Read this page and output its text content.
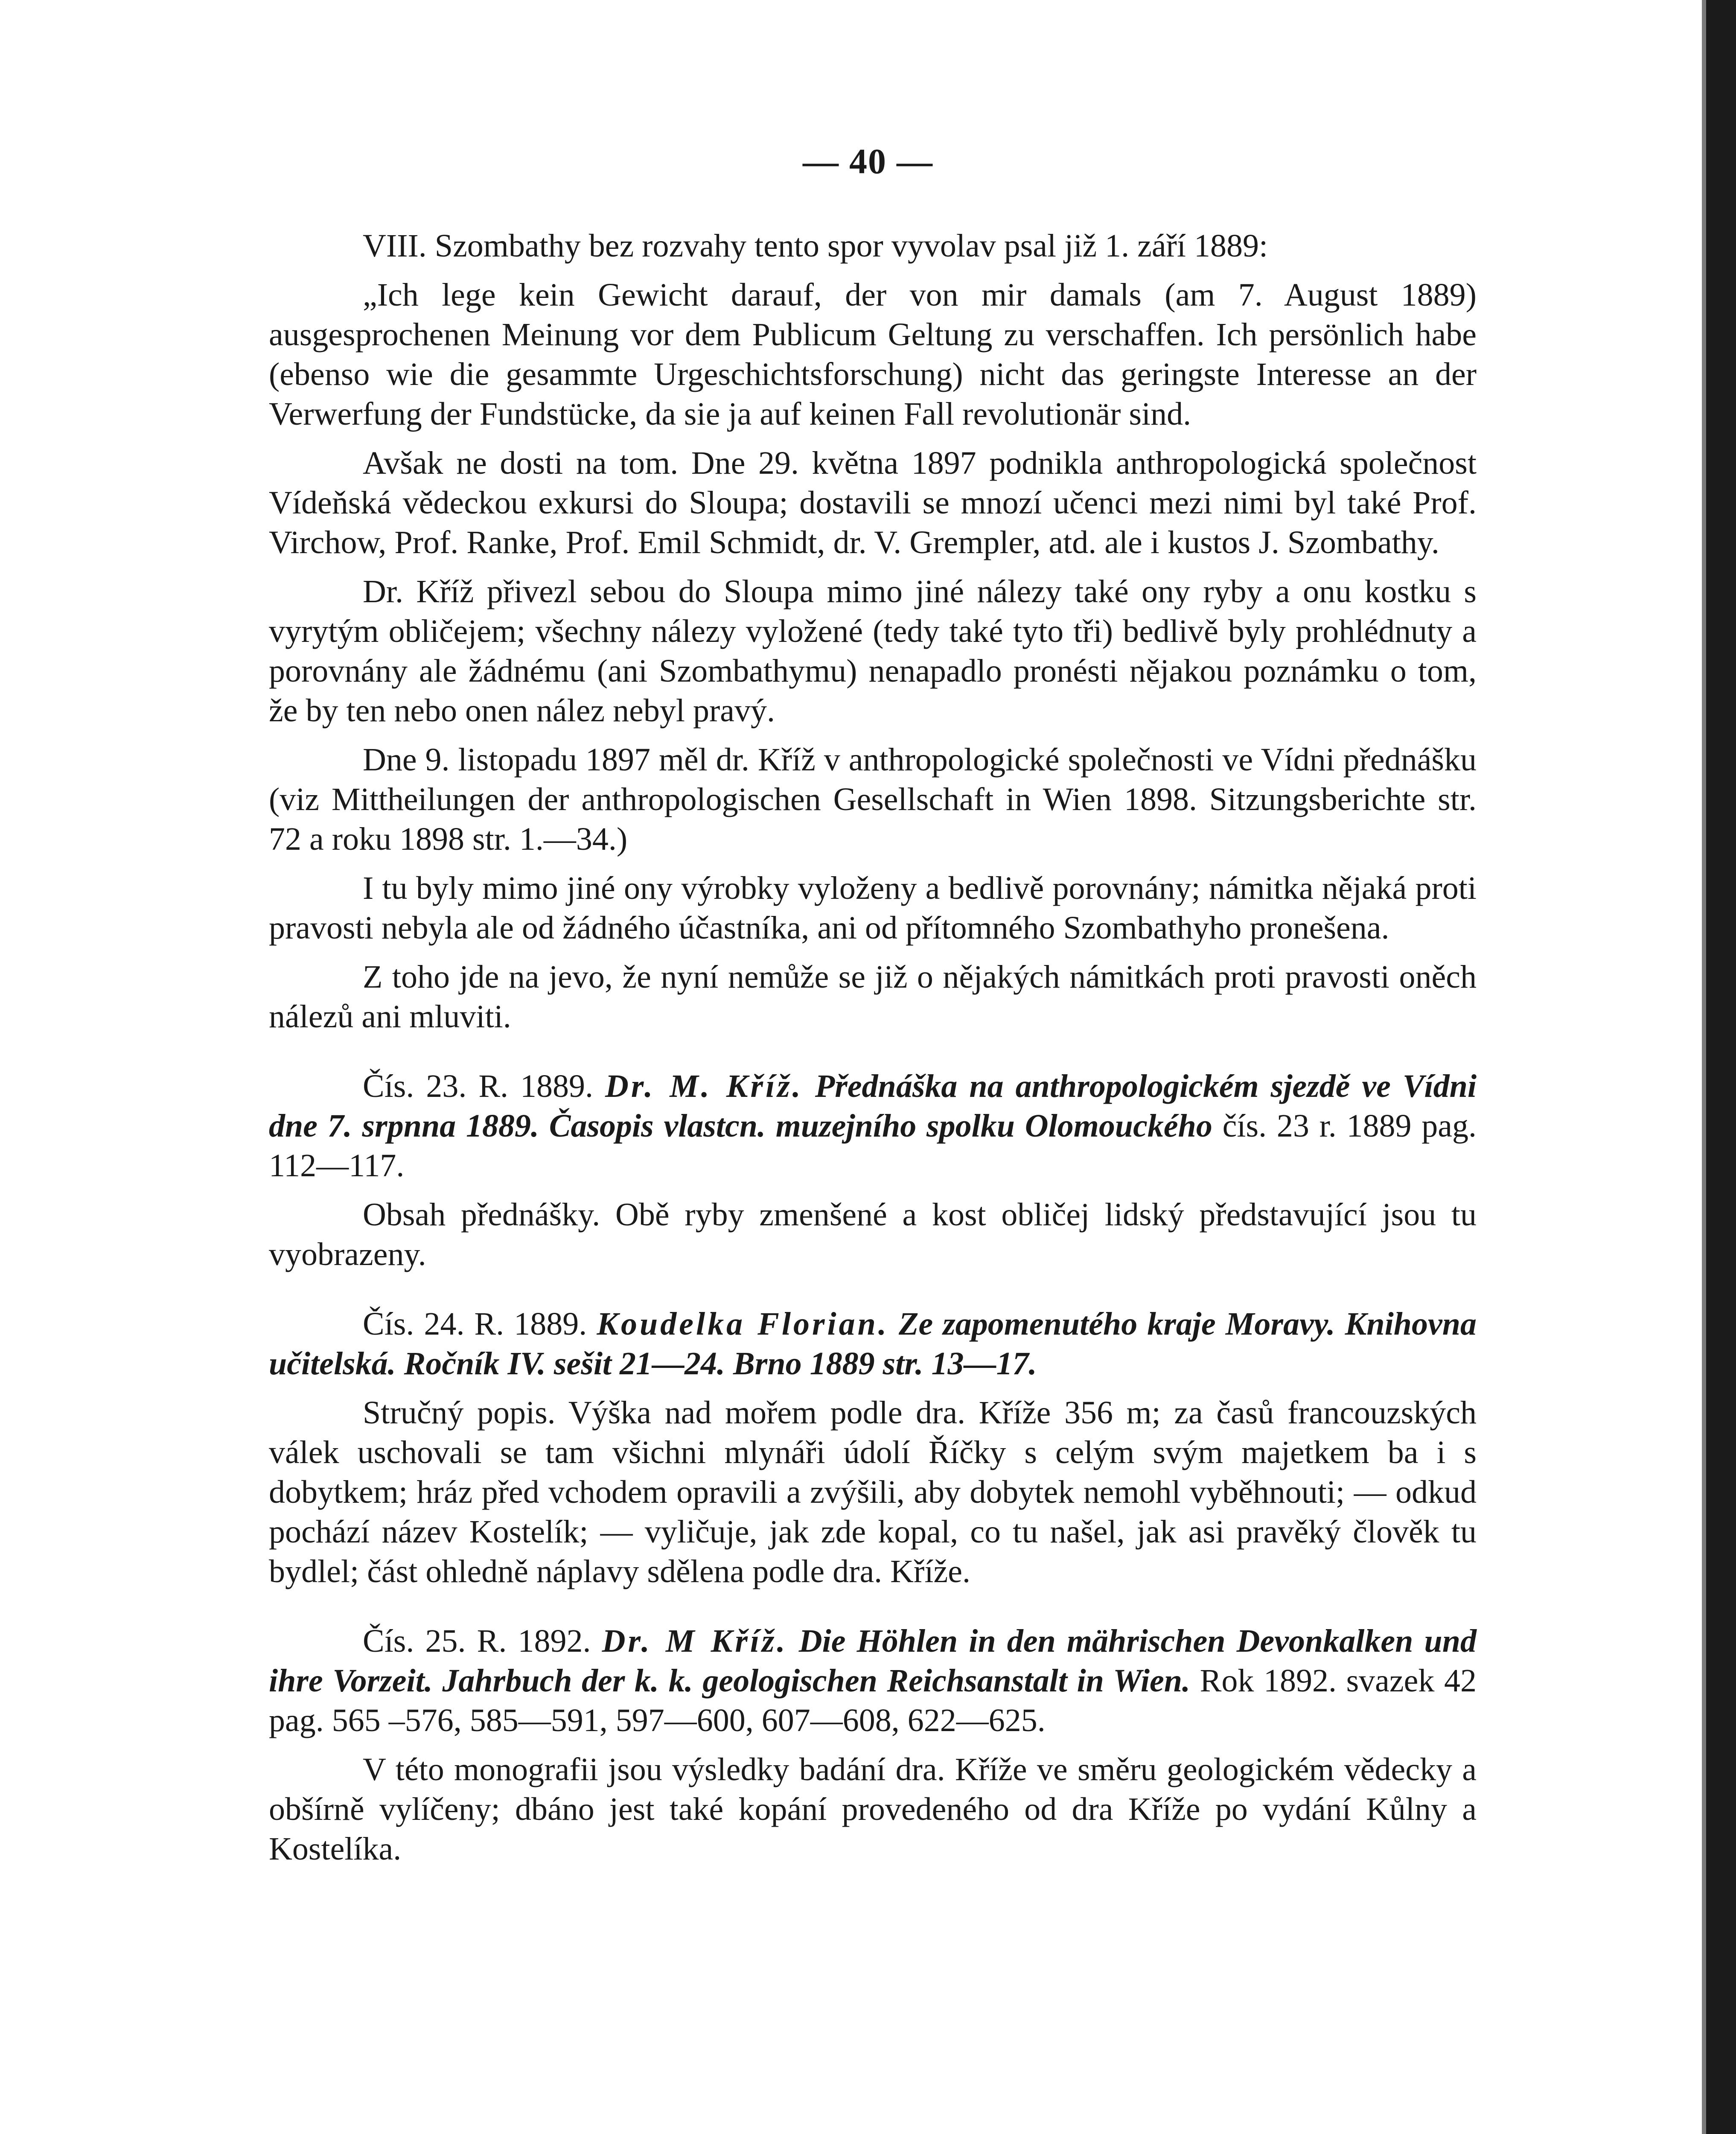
— 40 —

VIII. Szombathy bez rozvahy tento spor vyvolav psal již 1. září 1889:

„Ich lege kein Gewicht darauf, der von mir damals (am 7. August 1889) ausgesprochenen Meinung vor dem Publicum Geltung zu verschaffen. Ich persönlich habe (ebenso wie die gesammte Urgeschichtsforschung) nicht das geringste Interesse an der Verwerfung der Fundstücke, da sie ja auf keinen Fall revolutionär sind.

Avšak ne dosti na tom. Dne 29. května 1897 podnikla anthropologická společnost Vídeňská vědeckou exkursi do Sloupa; dostavili se mnozí učenci mezi nimi byl také Prof. Virchow, Prof. Ranke, Prof. Emil Schmidt, dr. V. Grempler, atd. ale i kustos J. Szombathy.

Dr. Kříž přivezl sebou do Sloupa mimo jiné nálezy také ony ryby a onu kostku s vyrytým obličejem; všechny nálezy vyložené (tedy také tyto tři) bedlivě byly prohlédnuty a porovnány ale žádnému (ani Szombathymu) nenapadlo pronésti nějakou poznámku o tom, že by ten nebo onen nález nebyl pravý.

Dne 9. listopadu 1897 měl dr. Kříž v anthropologické společnosti ve Vídni přednášku (viz Mittheilungen der anthropologischen Gesellschaft in Wien 1898. Sitzungsberichte str. 72 a roku 1898 str. 1.—34.)

I tu byly mimo jiné ony výrobky vyloženy a bedlivě porovnány; námitka nějaká proti pravosti nebyla ale od žádného účastníka, ani od přítomného Szombathyho pronešena.

Z toho jde na jevo, že nyní nemůže se již o nějakých námitkách proti pravosti oněch nálezů ani mluviti.

Čís. 23. R. 1889. Dr. M. Kříž. Přednáška na anthropologickém sjezdě ve Vídni dne 7. srpnna 1889. Časopis vlastcn. muzejního spolku Olomouckého čís. 23 r. 1889 pag. 112—117.

Obsah přednášky. Obě ryby zmenšené a kost obličej lidský představující jsou tu vyobrazeny.

Čís. 24. R. 1889. Koudelka Florian. Ze zapomenutého kraje Moravy. Knihovna učitelská. Ročník IV. sešit 21—24. Brno 1889 str. 13—17.

Stručný popis. Výška nad mořem podle dra. Kříže 356 m; za časů francouzských válek uschovali se tam všichni mlynáři údolí Říčky s celým svým majetkem ba i s dobytkem; hráz před vchodem opravili a zvýšili, aby dobytek nemohl vyběhnouti; — odkud pochází název Kostelík; — vyličuje, jak zde kopal, co tu našel, jak asi pravěký člověk tu bydlel; část ohledně náplavy sdělena podle dra. Kříže.

Čís. 25. R. 1892. Dr. M Kříž. Die Höhlen in den mährischen Devonkalken und ihre Vorzeit. Jahrbuch der k. k. geologischen Reichsanstalt in Wien. Rok 1892. svazek 42 pag. 565 –576, 585—591, 597—600, 607—608, 622—625.

V této monografii jsou výsledky badání dra. Kříže ve směru geologickém vědecky a obšírně vylíčeny; dbáno jest také kopání provedeného od dra Kříže po vydání Kůlny a Kostelíka.
